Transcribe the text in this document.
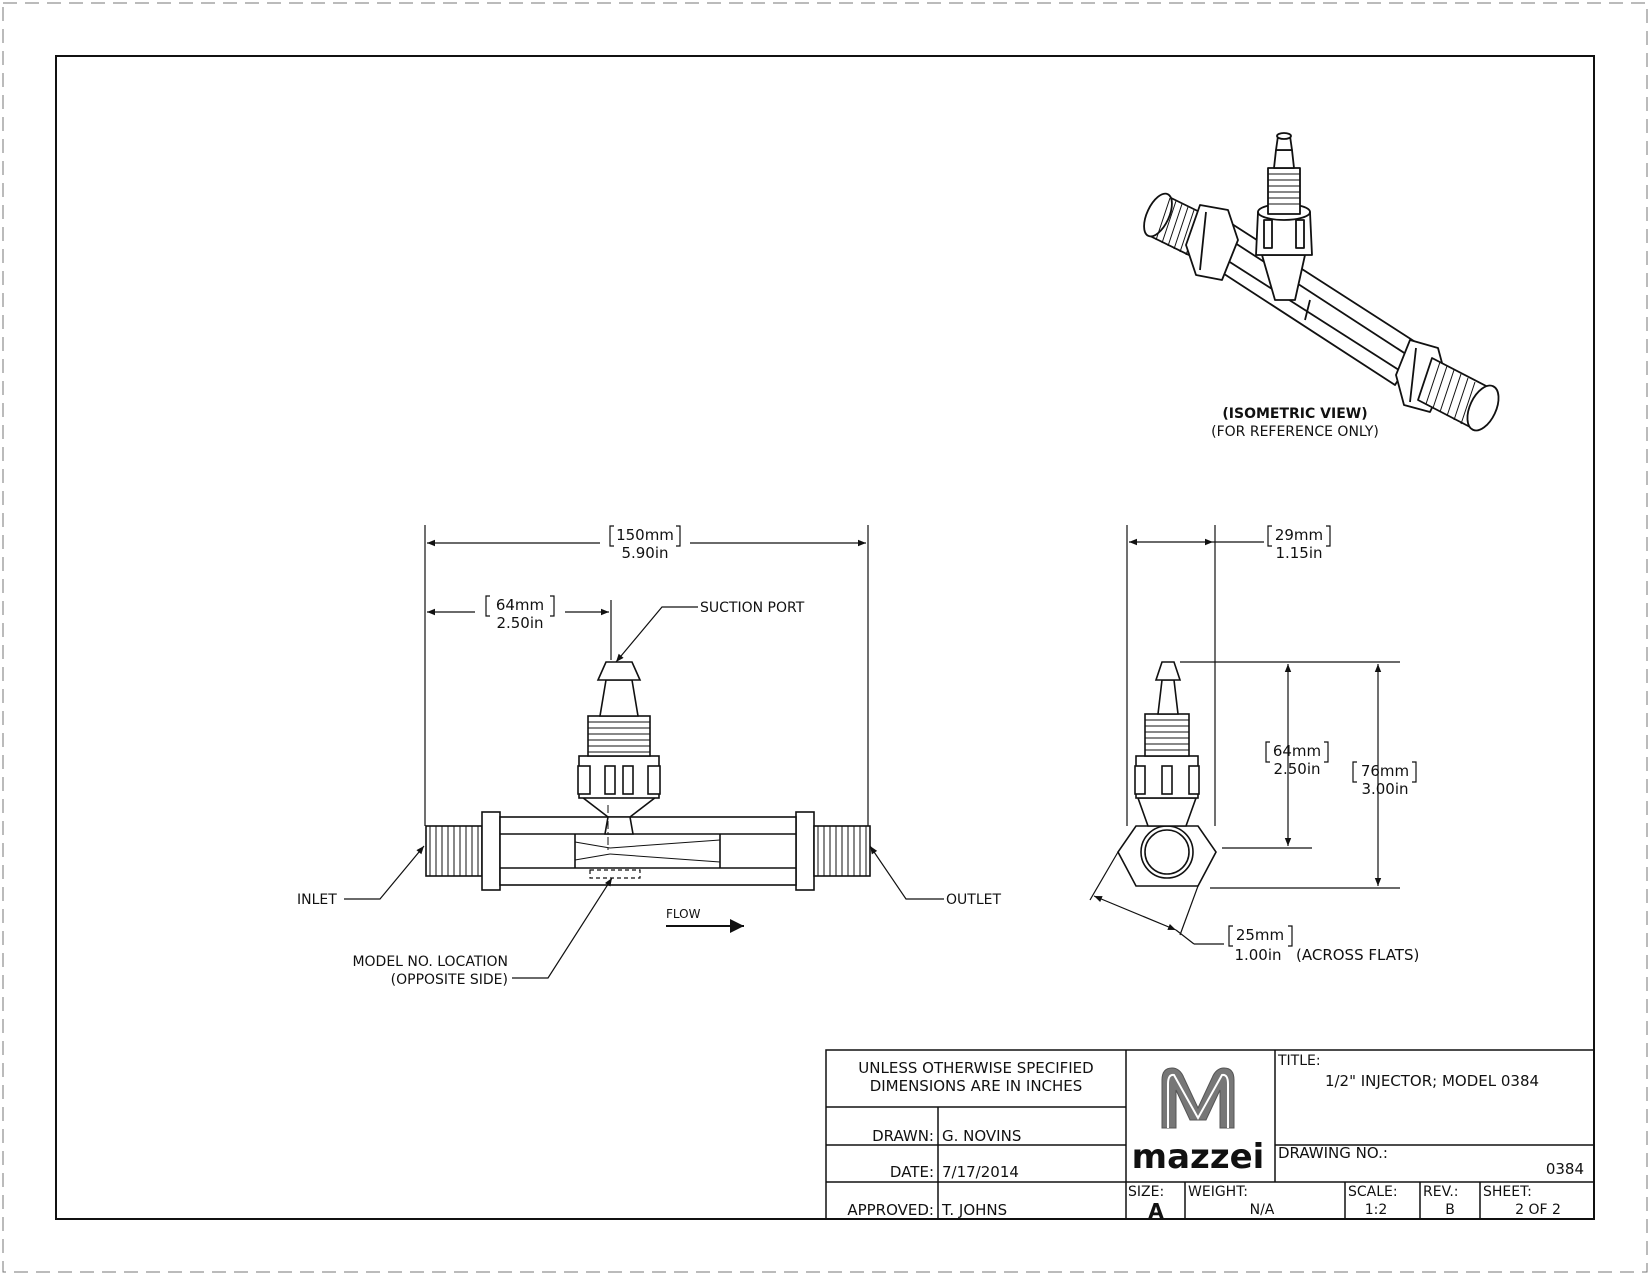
(ISOMETRIC VIEW)
(FOR REFERENCE ONLY)
150mm
5.90in
64mm
2.50in
SUCTION PORT
INLET	OUTLET
FLOW
MODEL NO. LOCATION
(OPPOSITE SIDE)
29mm
1.15in
64mm
2.50in	76mm
3.00in
25mm
1.00in (ACROSS FLATS)
UNLESS OTHERWISE SPECIFIED
DIMENSIONS ARE IN INCHES
DRAWN: G. NOVINS
DATE: 7/17/2014
APPROVED: T. JOHNS
mazzei
TITLE:
1/2" INJECTOR; MODEL 0384
DRAWING NO.:
0384
SIZE:
A
WEIGHT:
N/A
SCALE:
1:2
REV.:
B
SHEET:
2 OF 2
